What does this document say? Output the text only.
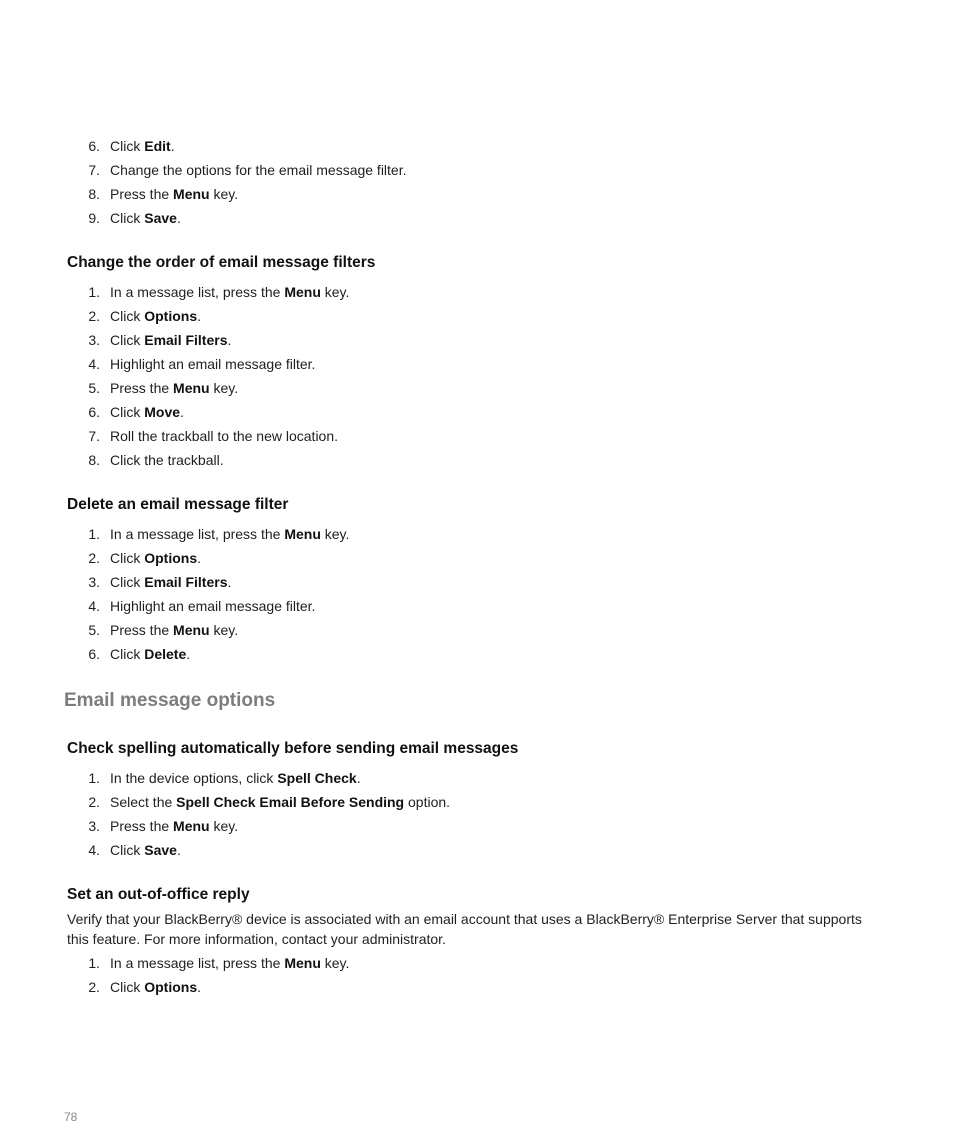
6. Click Edit.
7. Change the options for the email message filter.
8. Press the Menu key.
9. Click Save.
Change the order of email message filters
1. In a message list, press the Menu key.
2. Click Options.
3. Click Email Filters.
4. Highlight an email message filter.
5. Press the Menu key.
6. Click Move.
7. Roll the trackball to the new location.
8. Click the trackball.
Delete an email message filter
1. In a message list, press the Menu key.
2. Click Options.
3. Click Email Filters.
4. Highlight an email message filter.
5. Press the Menu key.
6. Click Delete.
Email message options
Check spelling automatically before sending email messages
1. In the device options, click Spell Check.
2. Select the Spell Check Email Before Sending option.
3. Press the Menu key.
4. Click Save.
Set an out-of-office reply

Verify that your BlackBerry® device is associated with an email account that uses a BlackBerry® Enterprise Server that supports this feature. For more information, contact your administrator.

1. In a message list, press the Menu key.
2. Click Options.
78
